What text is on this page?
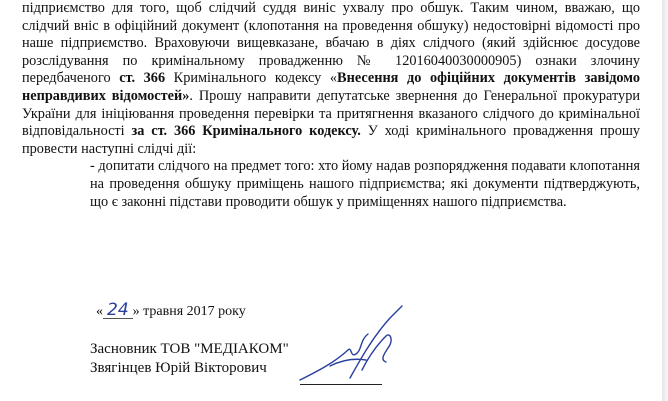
підприємство для того, щоб слідчий суддя виніс ухвалу про обшук. Таким чином, вважаю, що слідчий вніс в офіційний документ (клопотання на проведення обшуку) недостовірні відомості про наше підприємство. Враховуючи вищевказане, вбачаю в діях слідчого (який здійснює досудове розслідування по кримінальному провадженню № 12016040030000905) ознаки злочину передбаченого ст. 366 Кримінального кодексу «Внесення до офіційних документів завідомо неправдивих відомостей». Прошу направити депутатське звернення до Генеральної прокуратури України для ініціювання проведення перевірки та притягнення вказаного слідчого до кримінальної відповідальності за ст. 366 Кримінального кодексу. У ході кримінального провадження прошу провести наступні слідчі дії:

- допитати слідчого на предмет того: хто йому надав розпорядження подавати клопотання на проведення обшуку приміщень нашого підприємства; які документи підтверджують, що є законні підстави проводити обшук у приміщеннях нашого підприємства.

« 24 » травня 2017 року
Засновник ТОВ "МЕДІАКОМ"
Звягінцев Юрій Вікторович
